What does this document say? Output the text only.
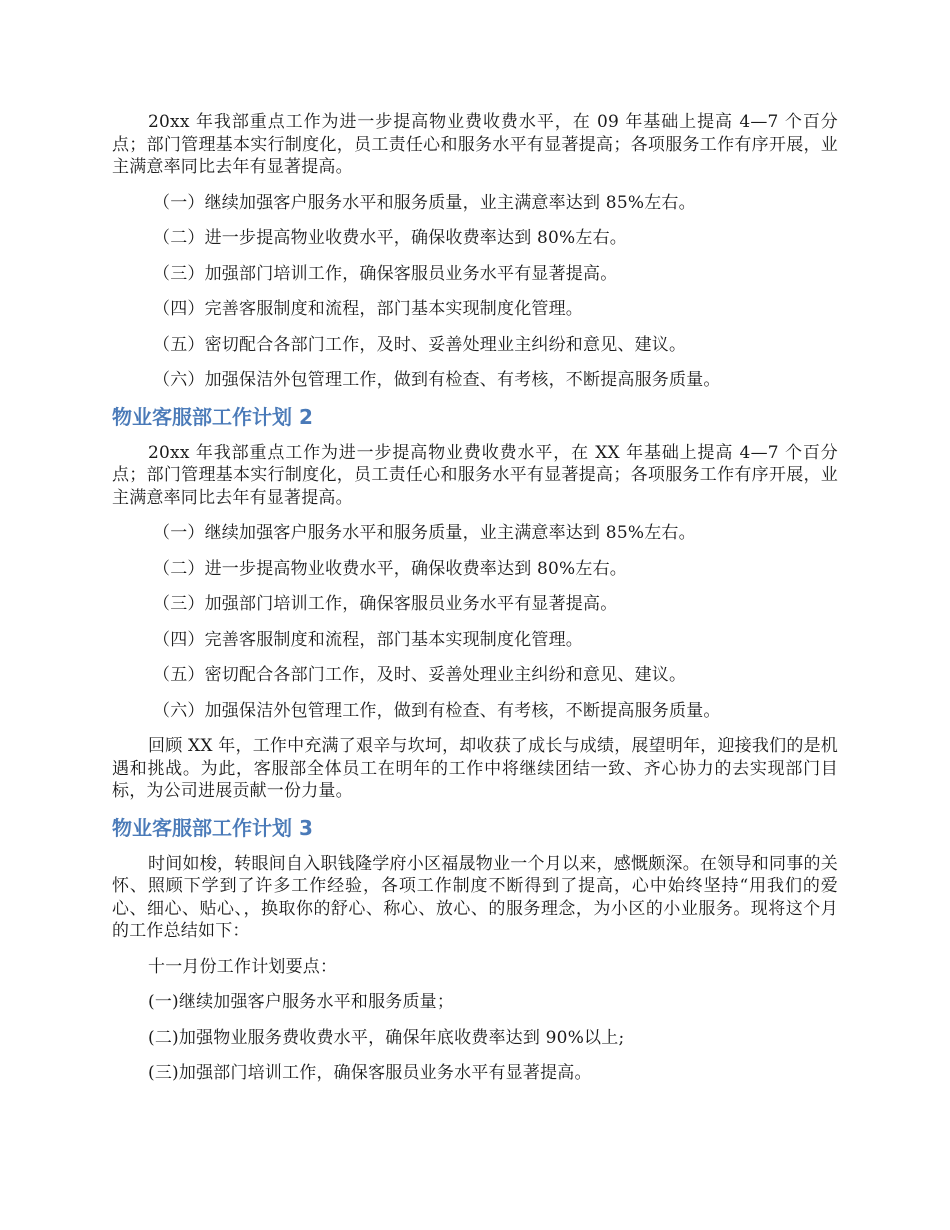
20xx 年我部重点工作为进一步提高物业费收费水平，在 09 年基础上提高 4—7 个百分点；部门管理基本实行制度化，员工责任心和服务水平有显著提高；各项服务工作有序开展，业主满意率同比去年有显著提高。

（一）继续加强客户服务水平和服务质量，业主满意率达到 85%左右。

（二）进一步提高物业收费水平，确保收费率达到 80%左右。

（三）加强部门培训工作，确保客服员业务水平有显著提高。

（四）完善客服制度和流程，部门基本实现制度化管理。

（五）密切配合各部门工作，及时、妥善处理业主纠纷和意见、建议。

（六）加强保洁外包管理工作，做到有检查、有考核，不断提高服务质量。

物业客服部工作计划 2

20xx 年我部重点工作为进一步提高物业费收费水平，在 XX 年基础上提高 4—7 个百分点；部门管理基本实行制度化，员工责任心和服务水平有显著提高；各项服务工作有序开展，业主满意率同比去年有显著提高。

（一）继续加强客户服务水平和服务质量，业主满意率达到 85%左右。

（二）进一步提高物业收费水平，确保收费率达到 80%左右。

（三）加强部门培训工作，确保客服员业务水平有显著提高。

（四）完善客服制度和流程，部门基本实现制度化管理。

（五）密切配合各部门工作，及时、妥善处理业主纠纷和意见、建议。

（六）加强保洁外包管理工作，做到有检查、有考核，不断提高服务质量。

回顾 XX 年，工作中充满了艰辛与坎坷，却收获了成长与成绩，展望明年，迎接我们的是机遇和挑战。为此，客服部全体员工在明年的工作中将继续团结一致、齐心协力的去实现部门目标，为公司进展贡献一份力量。

物业客服部工作计划 3

时间如梭，转眼间自入职钱隆学府小区福晟物业一个月以来，感慨颇深。在领导和同事的关怀、照顾下学到了许多工作经验，各项工作制度不断得到了提高，心中始终坚持“用我们的爱心、细心、贴心、，换取你的舒心、称心、放心、的服务理念，为小区的小业服务。现将这个月的工作总结如下：

十一月份工作计划要点：

(一)继续加强客户服务水平和服务质量；

(二)加强物业服务费收费水平，确保年底收费率达到 90%以上;

(三)加强部门培训工作，确保客服员业务水平有显著提高。
